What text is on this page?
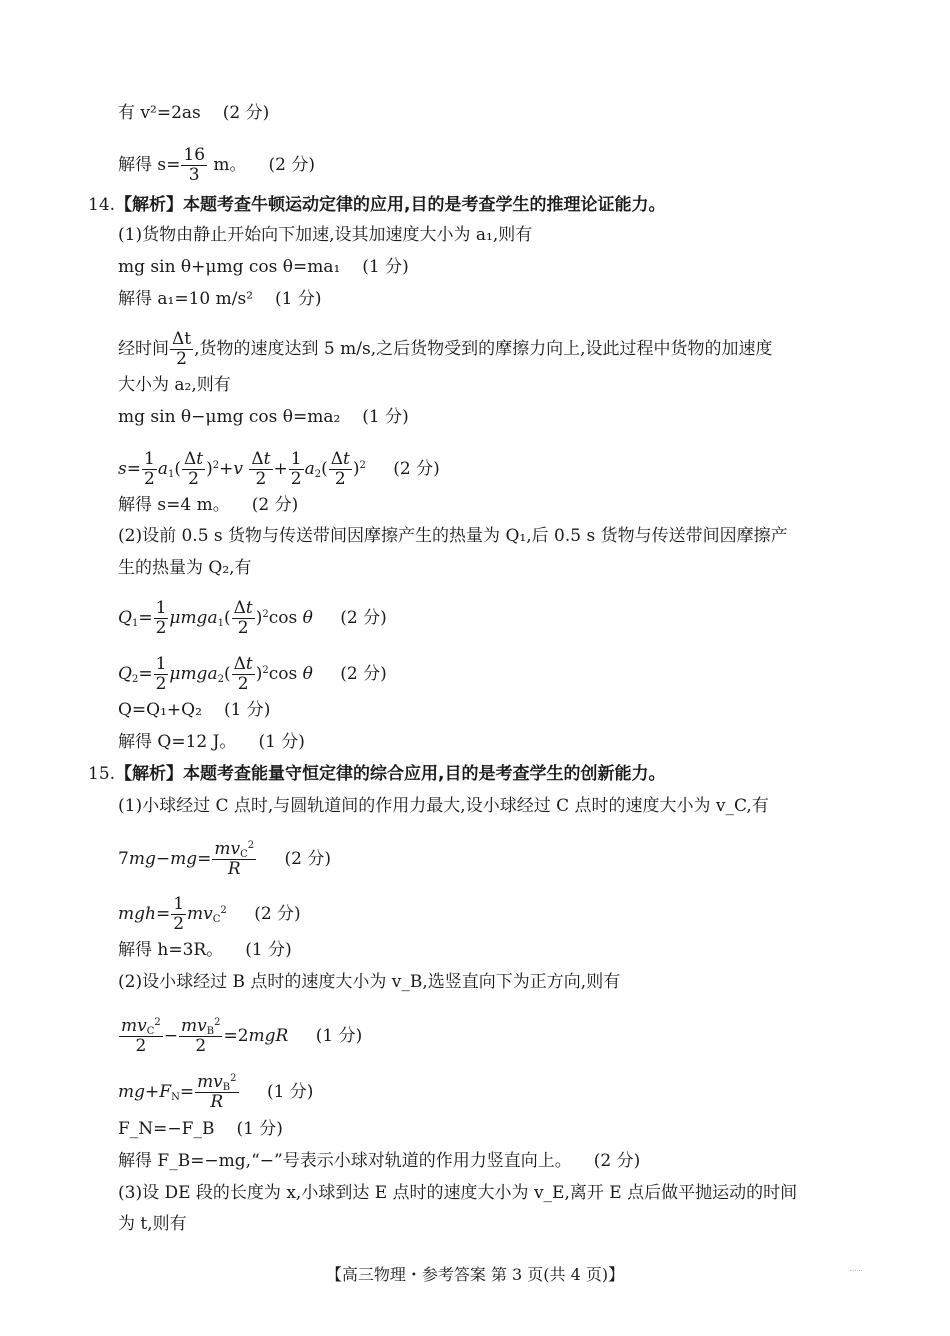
有 v²=2as (2 分)
解得 $s= \frac{16}{3}$ m。 (2 分)
14.【解析】本题考查牛顿运动定律的应用,目的是考查学生的推理论证能力。
(1)货物由静止开始向下加速,设其加速度大小为 a₁,则有
mg sin θ+μmg cos θ=ma₁ (1 分)
解得 a₁=10 m/s² (1 分)
经时间 $\frac{\Delta t}{2}$ ,货物的速度达到 5 m/s,之后货物受到的摩擦力向上,设此过程中货物的加速度
大小为 a₂,则有
mg sin θ−μmg cos θ=ma₂ (1 分)
$s= \frac{1}{2} a_1( \frac{\Delta t}{2} )^2+v \frac{\Delta t}{2} + \frac{1}{2} a_2( \frac{\Delta t}{2} )^2$ (2 分)
解得 s=4 m。 (2 分)
(2)设前 0.5 s 货物与传送带间因摩擦产生的热量为 Q₁,后 0.5 s 货物与传送带间因摩擦产
生的热量为 Q₂,有
$Q_1= \frac{1}{2} \mu mga_1( \frac{\Delta t}{2} )^2\cos$ θ (2 分)
$Q_2= \frac{1}{2} \mu mga_2( \frac{\Delta t}{2} )^2\cos$ θ (2 分)
Q=Q₁+Q₂ (1 分)
解得 Q=12 J。 (1 分)
15.【解析】本题考查能量守恒定律的综合应用,目的是考查学生的创新能力。
(1)小球经过 C 点时,与圆轨道间的作用力最大,设小球经过 C 点时的速度大小为 v_C,有
$7mg-mg= mv_C^2$
R	(2 分)
$mgh= \frac{1}{2} mv_C^2$ (2 分)
解得 h=3R。 (1 分)
(2)设小球经过 B 点时的速度大小为 v_B,选竖直向下为正方向,则有
$mv_C^2$
2	− $mv_B^2$
2	=2mgR (1 分)
$mg+F_N= mv_B^2$
R	(1 分)
F_N=−F_B (1 分)
解得 F_B=−mg,“−”号表示小球对轨道的作用力竖直向上。 (2 分)
(3)设 DE 段的长度为 x,小球到达 E 点时的速度大小为 v_E,离开 E 点后做平抛运动的时间
为 t,则有
【高三物理・参考答案 第 3 页(共 4 页)】
